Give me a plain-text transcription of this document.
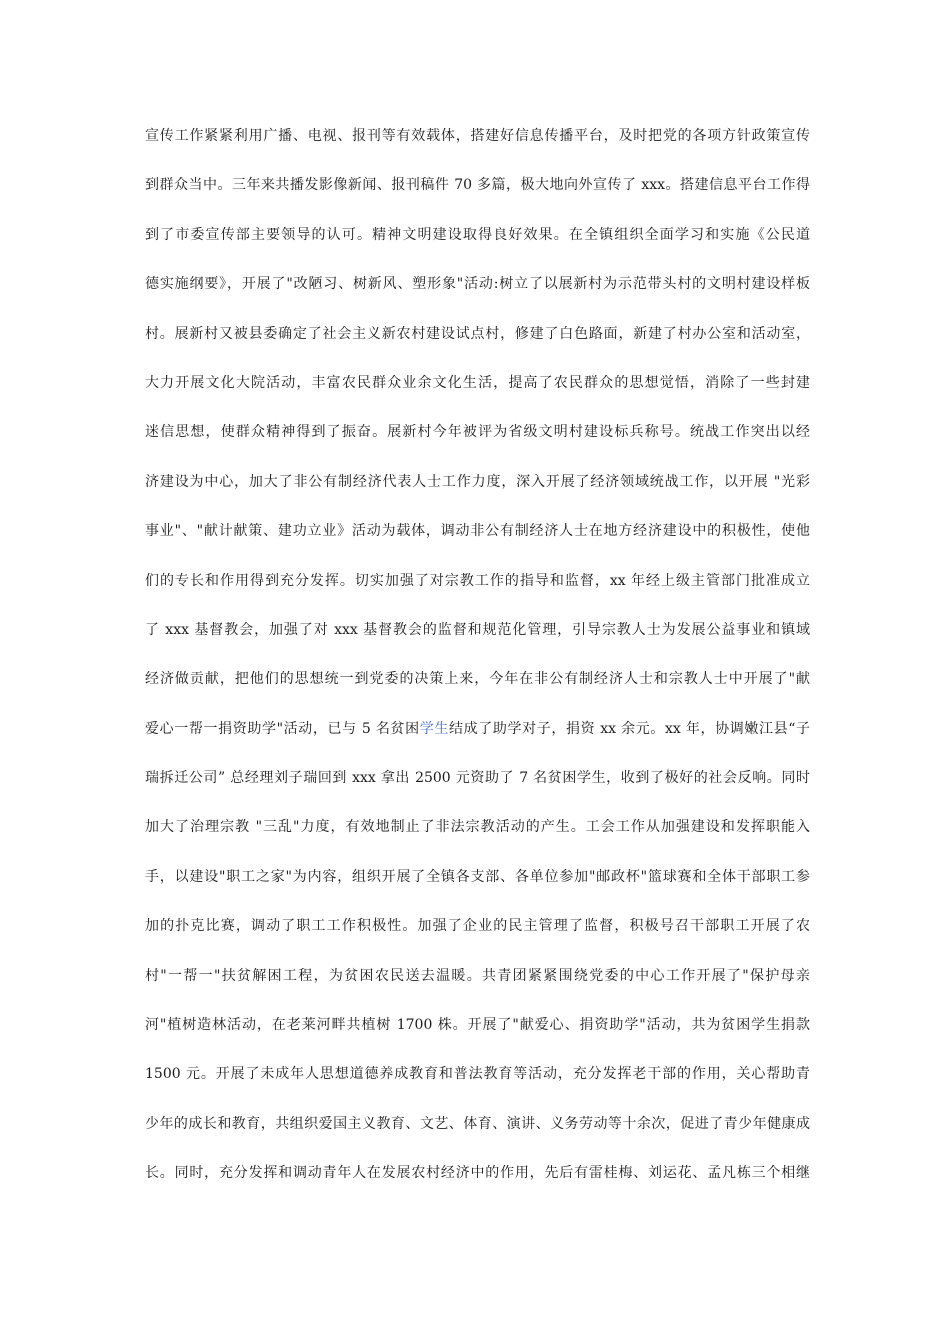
宣传工作紧紧利用广播、电视、报刊等有效载体，搭建好信息传播平台，及时把党的各项方针政策宣传
到群众当中。三年来共播发影像新闻、报刊稿件 70 多篇，极大地向外宣传了 xxx。搭建信息平台工作得
到了市委宣传部主要领导的认可。精神文明建设取得良好效果。在全镇组织全面学习和实施《公民道
德实施纲要》，开展了"改陋习、树新风、塑形象"活动:树立了以展新村为示范带头村的文明村建设样板
村。展新村又被县委确定了社会主义新农村建设试点村，修建了白色路面，新建了村办公室和活动室，
大力开展文化大院活动，丰富农民群众业余文化生活，提高了农民群众的思想觉悟，消除了一些封建
迷信思想，使群众精神得到了振奋。展新村今年被评为省级文明村建设标兵称号。统战工作突出以经
济建设为中心，加大了非公有制经济代表人士工作力度，深入开展了经济领域统战工作，以开展 "光彩
事业"、"献计献策、建功立业》活动为载体，调动非公有制经济人士在地方经济建设中的积极性，使他
们的专长和作用得到充分发挥。切实加强了对宗教工作的指导和监督，xx 年经上级主管部门批准成立
了 xxx 基督教会，加强了对 xxx 基督教会的监督和规范化管理，引导宗教人士为发展公益事业和镇域
经济做贡献，把他们的思想统一到党委的决策上来，今年在非公有制经济人士和宗教人士中开展了"献
爱心一帮一捐资助学"活动，已与 5 名贫困学生结成了助学对子，捐资 xx 余元。xx 年，协调嫩江县“子
瑞拆迁公司” 总经理刘子瑞回到 xxx 拿出 2500 元资助了 7 名贫困学生，收到了极好的社会反响。同时
加大了治理宗教 "三乱"力度，有效地制止了非法宗教活动的产生。工会工作从加强建设和发挥职能入
手，以建设"职工之家"为内容，组织开展了全镇各支部、各单位参加"邮政杯"篮球赛和全体干部职工参
加的扑克比赛，调动了职工工作积极性。加强了企业的民主管理了监督，积极号召干部职工开展了农
村"一帮一"扶贫解困工程，为贫困农民送去温暖。共青团紧紧围绕党委的中心工作开展了"保护母亲
河"植树造林活动，在老莱河畔共植树 1700 株。开展了"献爱心、捐资助学"活动，共为贫困学生捐款
1500 元。开展了未成年人思想道德养成教育和普法教育等活动，充分发挥老干部的作用，关心帮助青
少年的成长和教育，共组织爱国主义教育、文艺、体育、演讲、义务劳动等十余次，促进了青少年健康成
长。同时，充分发挥和调动青年人在发展农村经济中的作用，先后有雷桂梅、刘运花、孟凡栋三个相继
